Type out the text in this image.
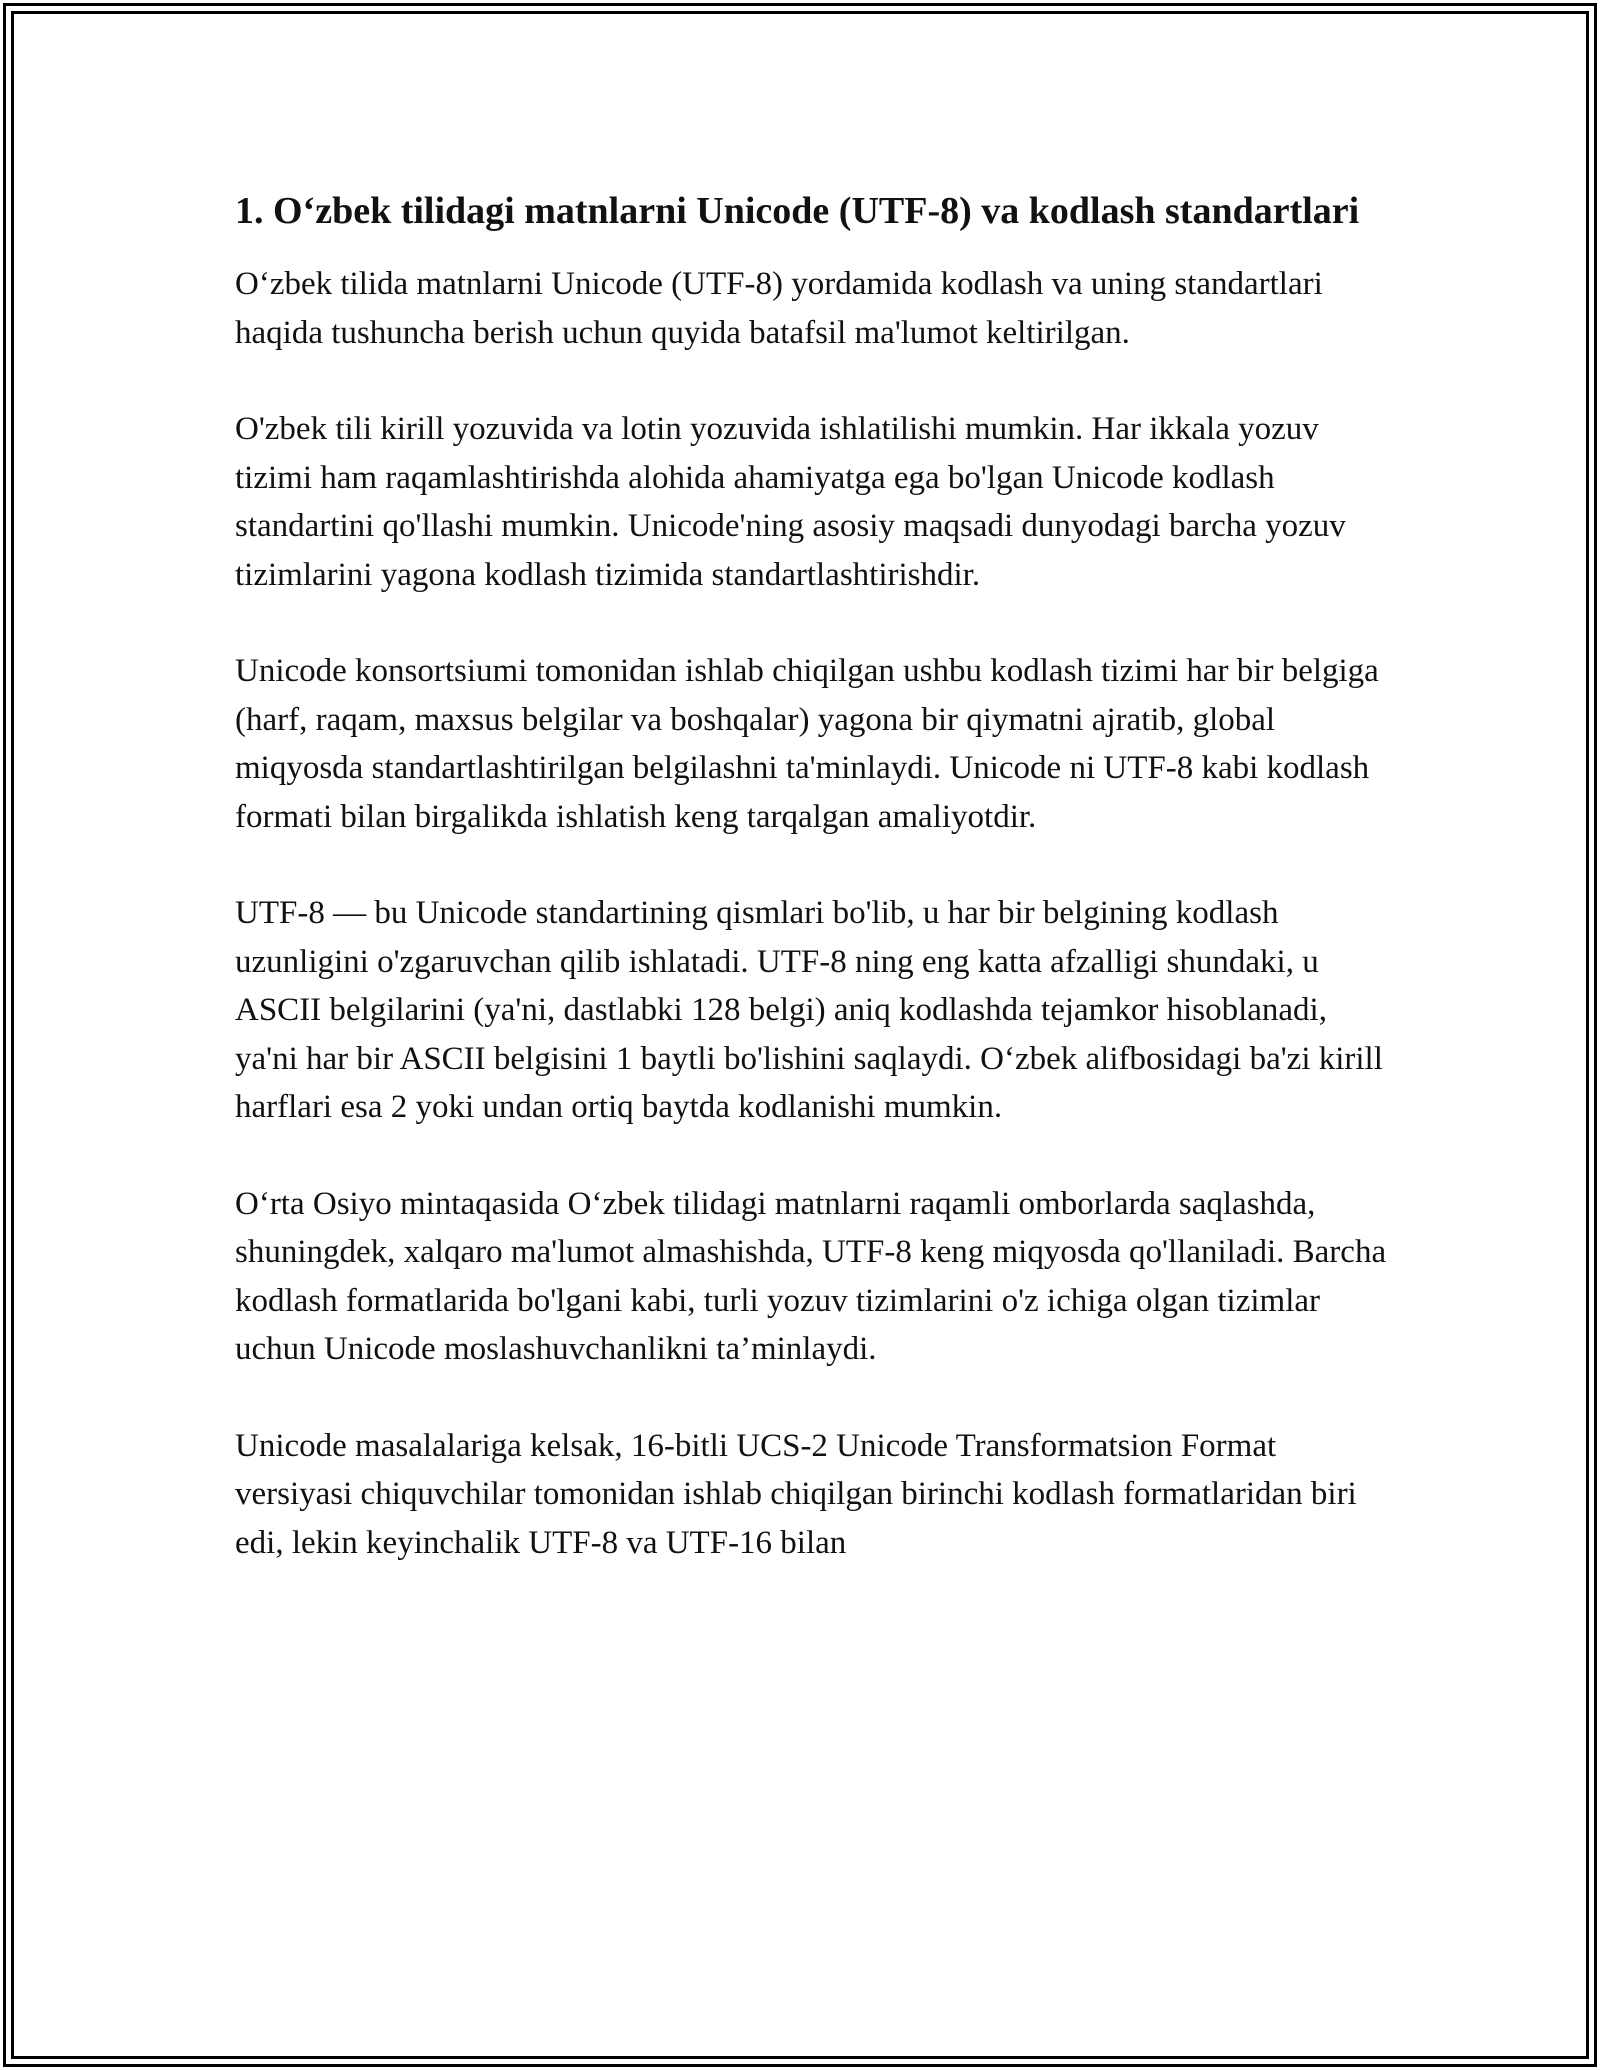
1. O‘zbek tilidagi matnlarni Unicode (UTF-8) va kodlash standartlari

O‘zbek tilida matnlarni Unicode (UTF-8) yordamida kodlash va uning standartlari haqida tushuncha berish uchun quyida batafsil ma'lumot keltirilgan.

O'zbek tili kirill yozuvida va lotin yozuvida ishlatilishi mumkin. Har ikkala yozuv tizimi ham raqamlashtirishda alohida ahamiyatga ega bo'lgan Unicode kodlash standartini qo'llashi mumkin. Unicode'ning asosiy maqsadi dunyodagi barcha yozuv tizimlarini yagona kodlash tizimida standartlashtirishdir.

Unicode konsortsiumi tomonidan ishlab chiqilgan ushbu kodlash tizimi har bir belgiga (harf, raqam, maxsus belgilar va boshqalar) yagona bir qiymatni ajratib, global miqyosda standartlashtirilgan belgilashni ta'minlaydi. Unicode ni UTF-8 kabi kodlash formati bilan birgalikda ishlatish keng tarqalgan amaliyotdir.

UTF-8 — bu Unicode standartining qismlari bo'lib, u har bir belgining kodlash uzunligini o'zgaruvchan qilib ishlatadi. UTF-8 ning eng katta afzalligi shundaki, u ASCII belgilarini (ya'ni, dastlabki 128 belgi) aniq kodlashda tejamkor hisoblanadi, ya'ni har bir ASCII belgisini 1 baytli bo'lishini saqlaydi. O‘zbek alifbosidagi ba'zi kirill harflari esa 2 yoki undan ortiq baytda kodlanishi mumkin.

O‘rta Osiyo mintaqasida O‘zbek tilidagi matnlarni raqamli omborlarda saqlashda, shuningdek, xalqaro ma'lumot almashishda, UTF-8 keng miqyosda qo'llaniladi. Barcha kodlash formatlarida bo'lgani kabi, turli yozuv tizimlarini o'z ichiga olgan tizimlar uchun Unicode moslashuvchanlikni ta’minlaydi.

Unicode masalalariga kelsak, 16-bitli UCS-2 Unicode Transformatsion Format versiyasi chiquvchilar tomonidan ishlab chiqilgan birinchi kodlash formatlaridan biri edi, lekin keyinchalik UTF-8 va UTF-16 bilan
